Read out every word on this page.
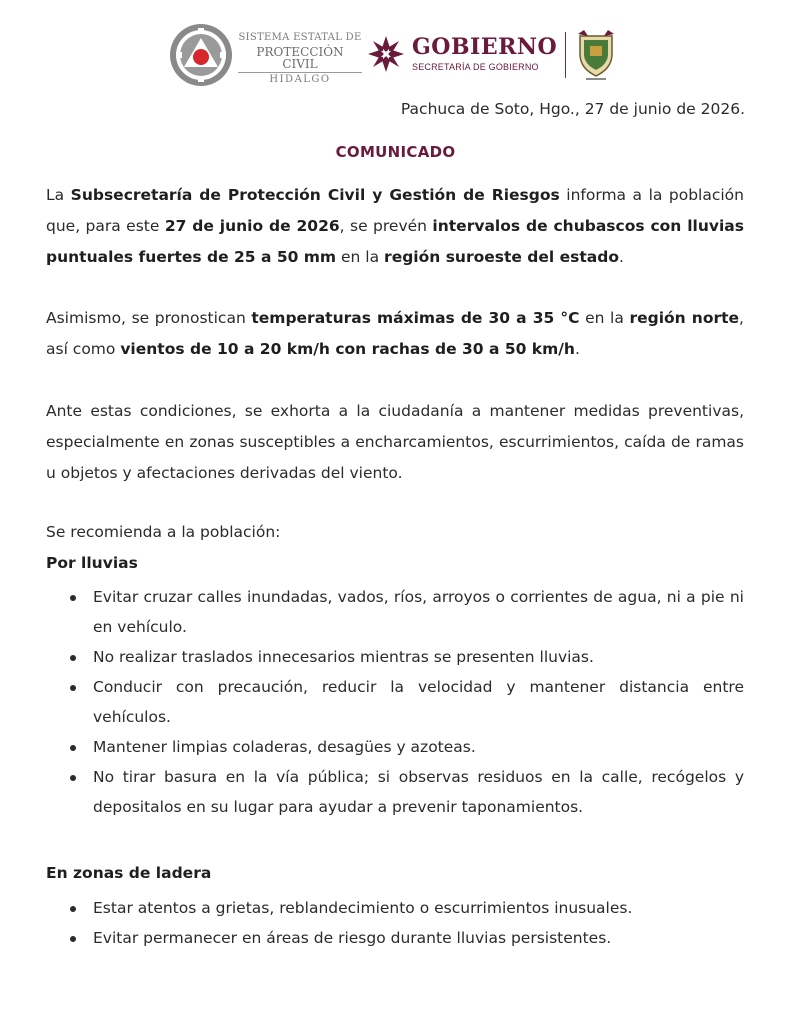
SISTEMA ESTATAL DE
PROTECCIÓN CIVIL
HIDALGO
GOBIERNO
SECRETARÍA DE GOBIERNO
Pachuca de Soto, Hgo., 27 de junio de 2026.
COMUNICADO
La Subsecretaría de Protección Civil y Gestión de Riesgos informa a la población que, para este 27 de junio de 2026, se prevén intervalos de chubascos con lluvias puntuales fuertes de 25 a 50 mm en la región suroeste del estado.
Asimismo, se pronostican temperaturas máximas de 30 a 35 °C en la región norte, así como vientos de 10 a 20 km/h con rachas de 30 a 50 km/h.
Ante estas condiciones, se exhorta a la ciudadanía a mantener medidas preventivas, especialmente en zonas susceptibles a encharcamientos, escurrimientos, caída de ramas u objetos y afectaciones derivadas del viento.
Se recomienda a la población:
Por lluvias
Evitar cruzar calles inundadas, vados, ríos, arroyos o corrientes de agua, ni a pie ni en vehículo.
No realizar traslados innecesarios mientras se presenten lluvias.
Conducir con precaución, reducir la velocidad y mantener distancia entre vehículos.
Mantener limpias coladeras, desagües y azoteas.
No tirar basura en la vía pública; si observas residuos en la calle, recógelos y depositalos en su lugar para ayudar a prevenir taponamientos.
En zonas de ladera
Estar atentos a grietas, reblandecimiento o escurrimientos inusuales.
Evitar permanecer en áreas de riesgo durante lluvias persistentes.
